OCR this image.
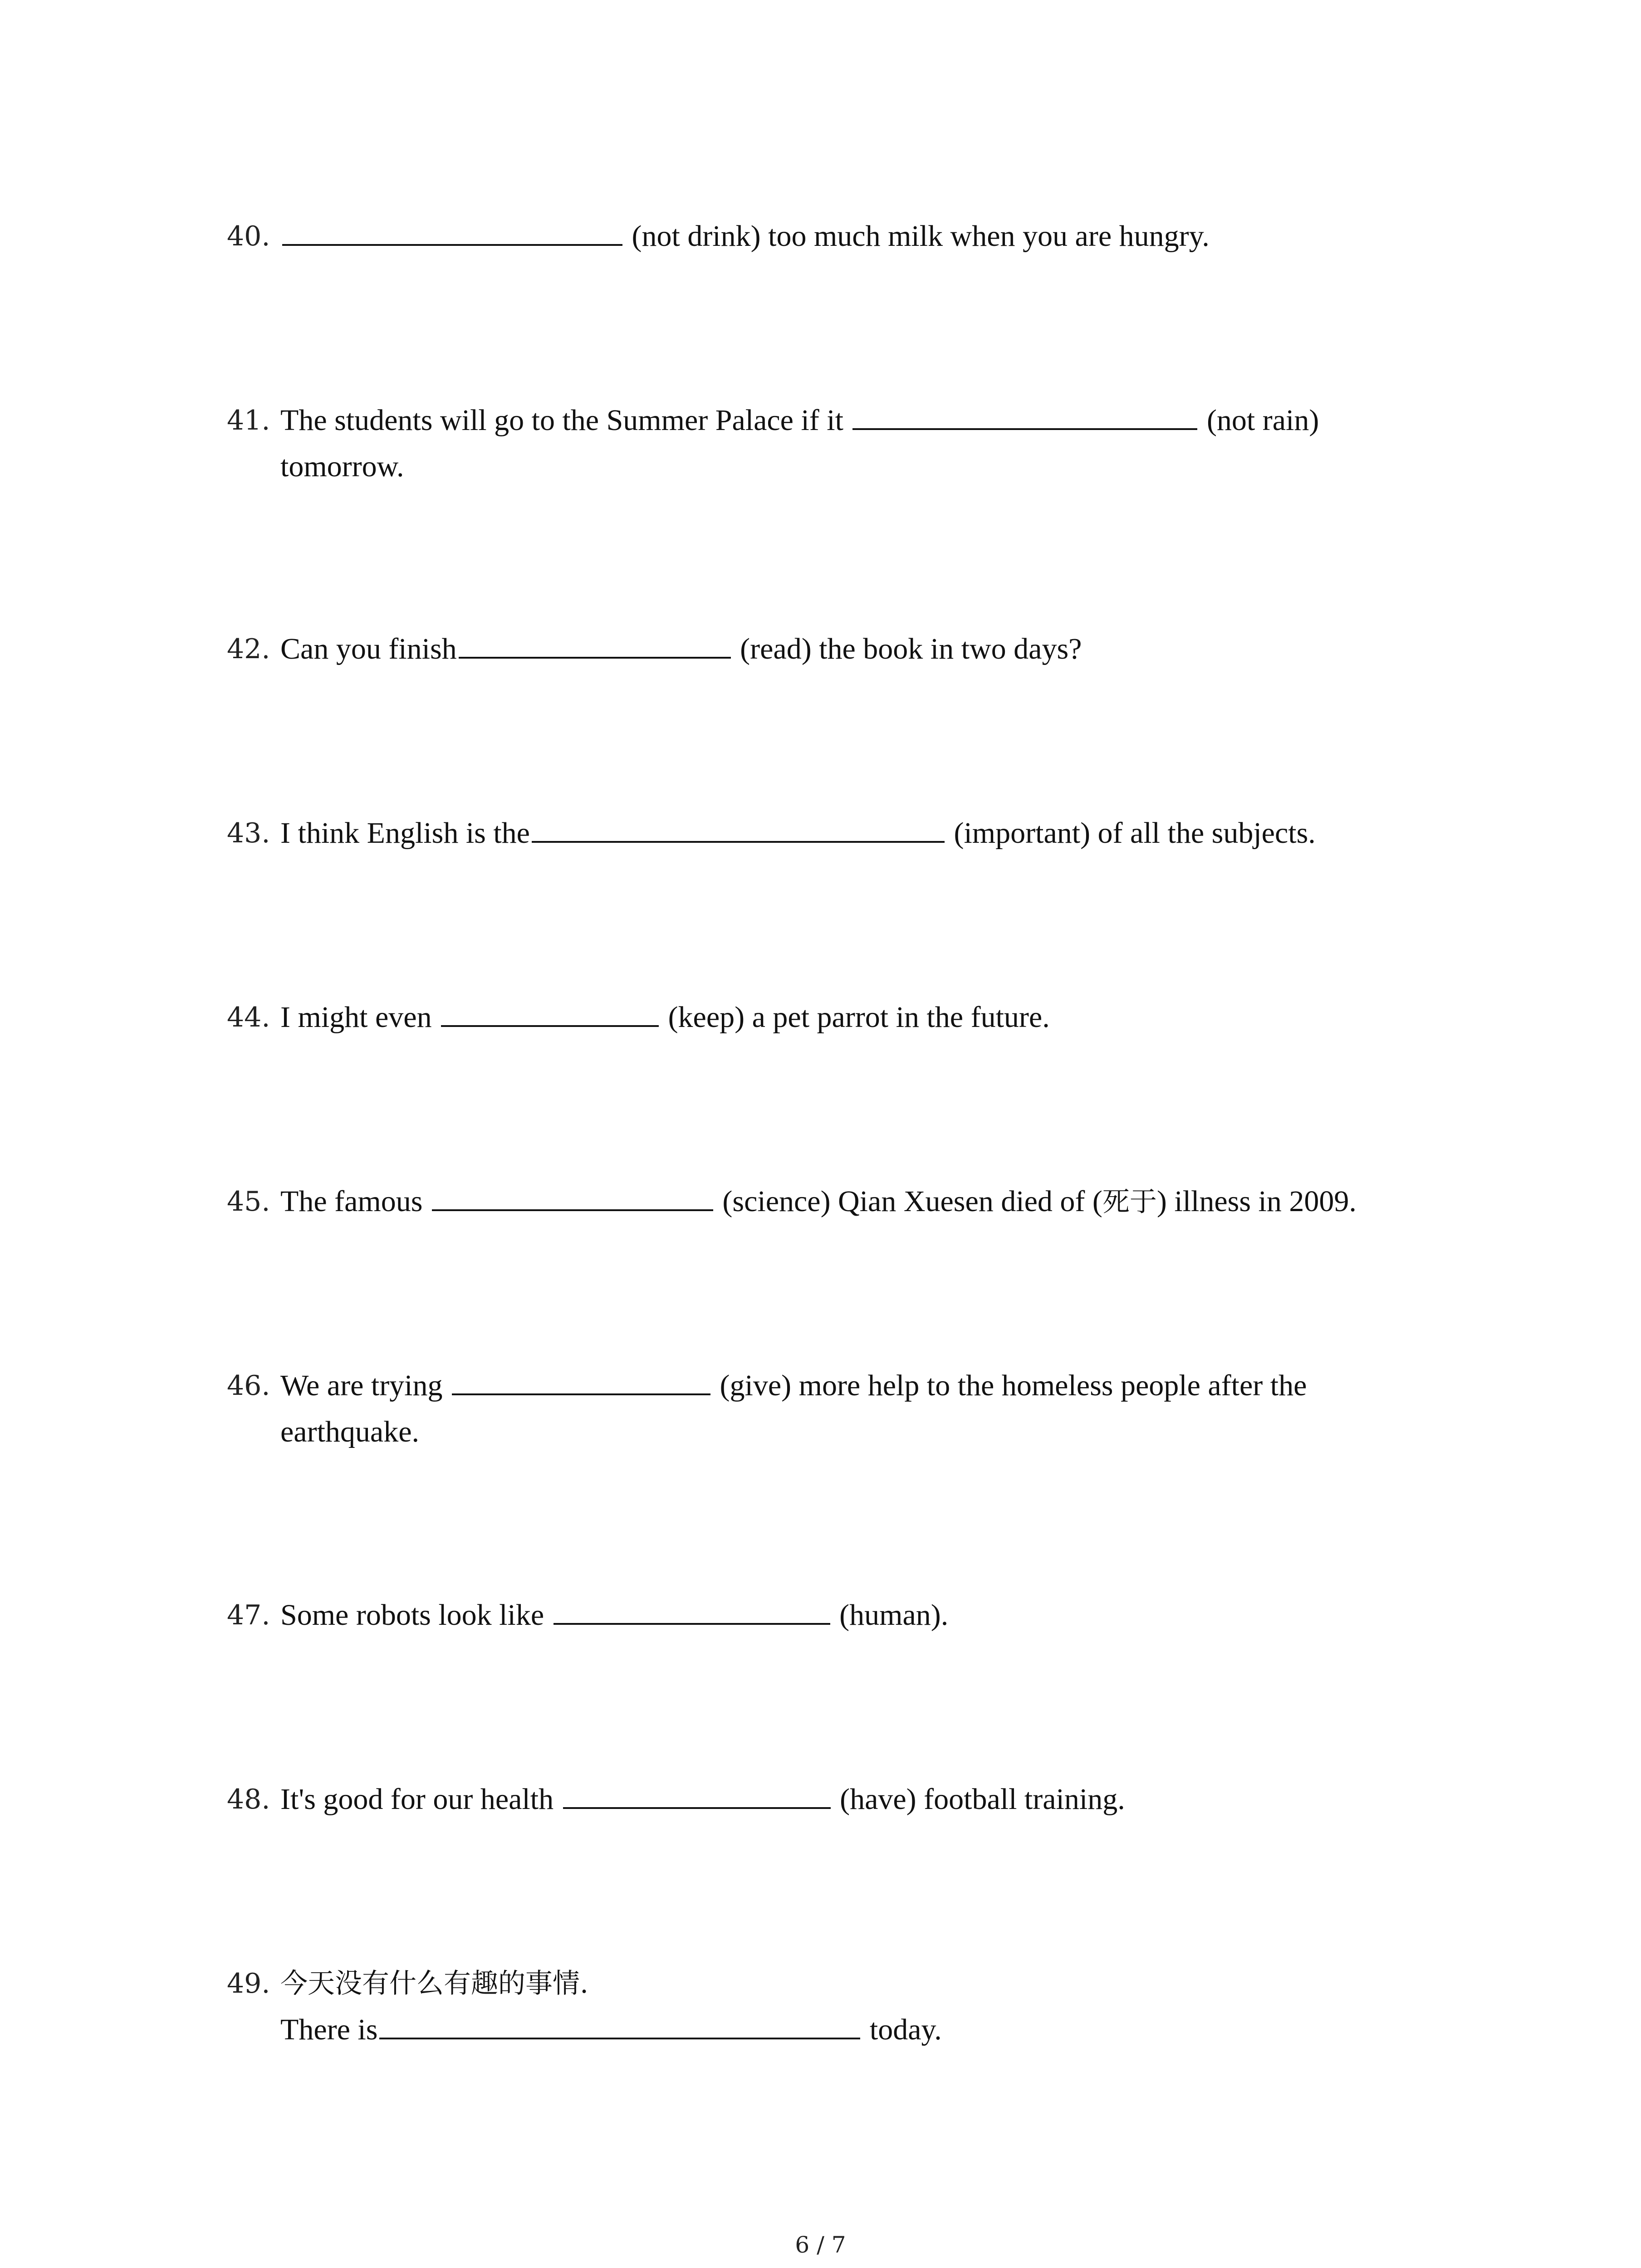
40.	(not drink) too much milk when you are hungry.
41. The students will go to the Summer Palace if it	(not rain)
tomorrow.
42. Can you finish	(read) the book in two days?
43. I think English is the	(important) of all the subjects.
44. I might even	(keep) a pet parrot in the future.
45. The famous	(science) Qian Xuesen died of (死于) illness in 2009.
46. We are trying	(give) more help to the homeless people after the
earthquake.
47. Some robots look like	(human).
48. It's good for our health	(have) football training.
49. 今天没有什么有趣的事情.
There is	today.
6 / 7
